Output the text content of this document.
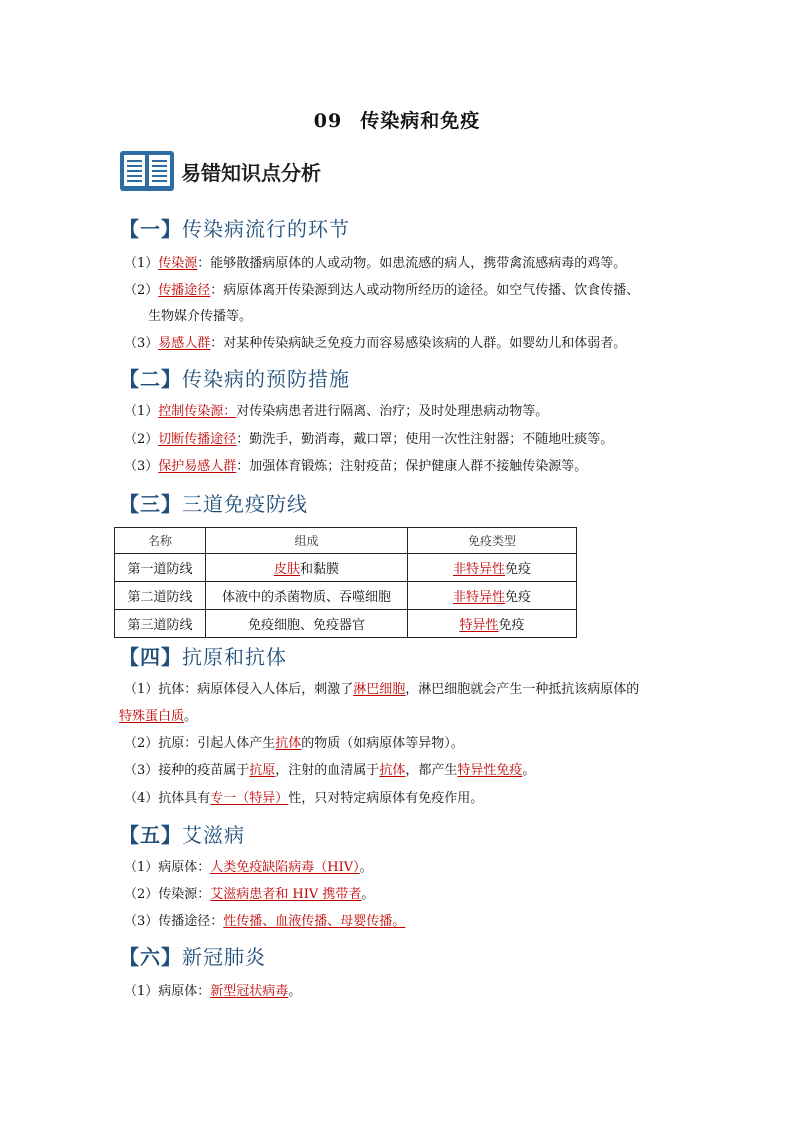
09 传染病和免疫
易错知识点分析
【一】传染病流行的环节
（1）传染源：能够散播病原体的人或动物。如患流感的病人，携带禽流感病毒的鸡等。
（2）传播途径：病原体离开传染源到达人或动物所经历的途径。如空气传播、饮食传播、
生物媒介传播等。
（3）易感人群：对某种传染病缺乏免疫力而容易感染该病的人群。如婴幼儿和体弱者。
【二】传染病的预防措施
（1）控制传染源：对传染病患者进行隔离、治疗；及时处理患病动物等。
（2）切断传播途径：勤洗手，勤消毒，戴口罩；使用一次性注射器；不随地吐痰等。
（3）保护易感人群：加强体育锻炼；注射疫苗；保护健康人群不接触传染源等。
【三】三道免疫防线
名称	组成	免疫类型
第一道防线	皮肤和黏膜	非特异性免疫
第二道防线	体液中的杀菌物质、吞噬细胞	非特异性免疫
第三道防线	免疫细胞、免疫器官	特异性免疫
【四】抗原和抗体
（1）抗体：病原体侵入人体后，刺激了淋巴细胞，淋巴细胞就会产生一种抵抗该病原体的
特殊蛋白质。
（2）抗原：引起人体产生抗体的物质（如病原体等异物）。
（3）接种的疫苗属于抗原，注射的血清属于抗体，都产生特异性免疫。
（4）抗体具有专一（特异）性，只对特定病原体有免疫作用。
【五】艾滋病
（1）病原体：人类免疫缺陷病毒（HIV）。
（2）传染源：艾滋病患者和 HIV 携带者。
（3）传播途径：性传播、血液传播、母婴传播。
【六】新冠肺炎
（1）病原体：新型冠状病毒。
